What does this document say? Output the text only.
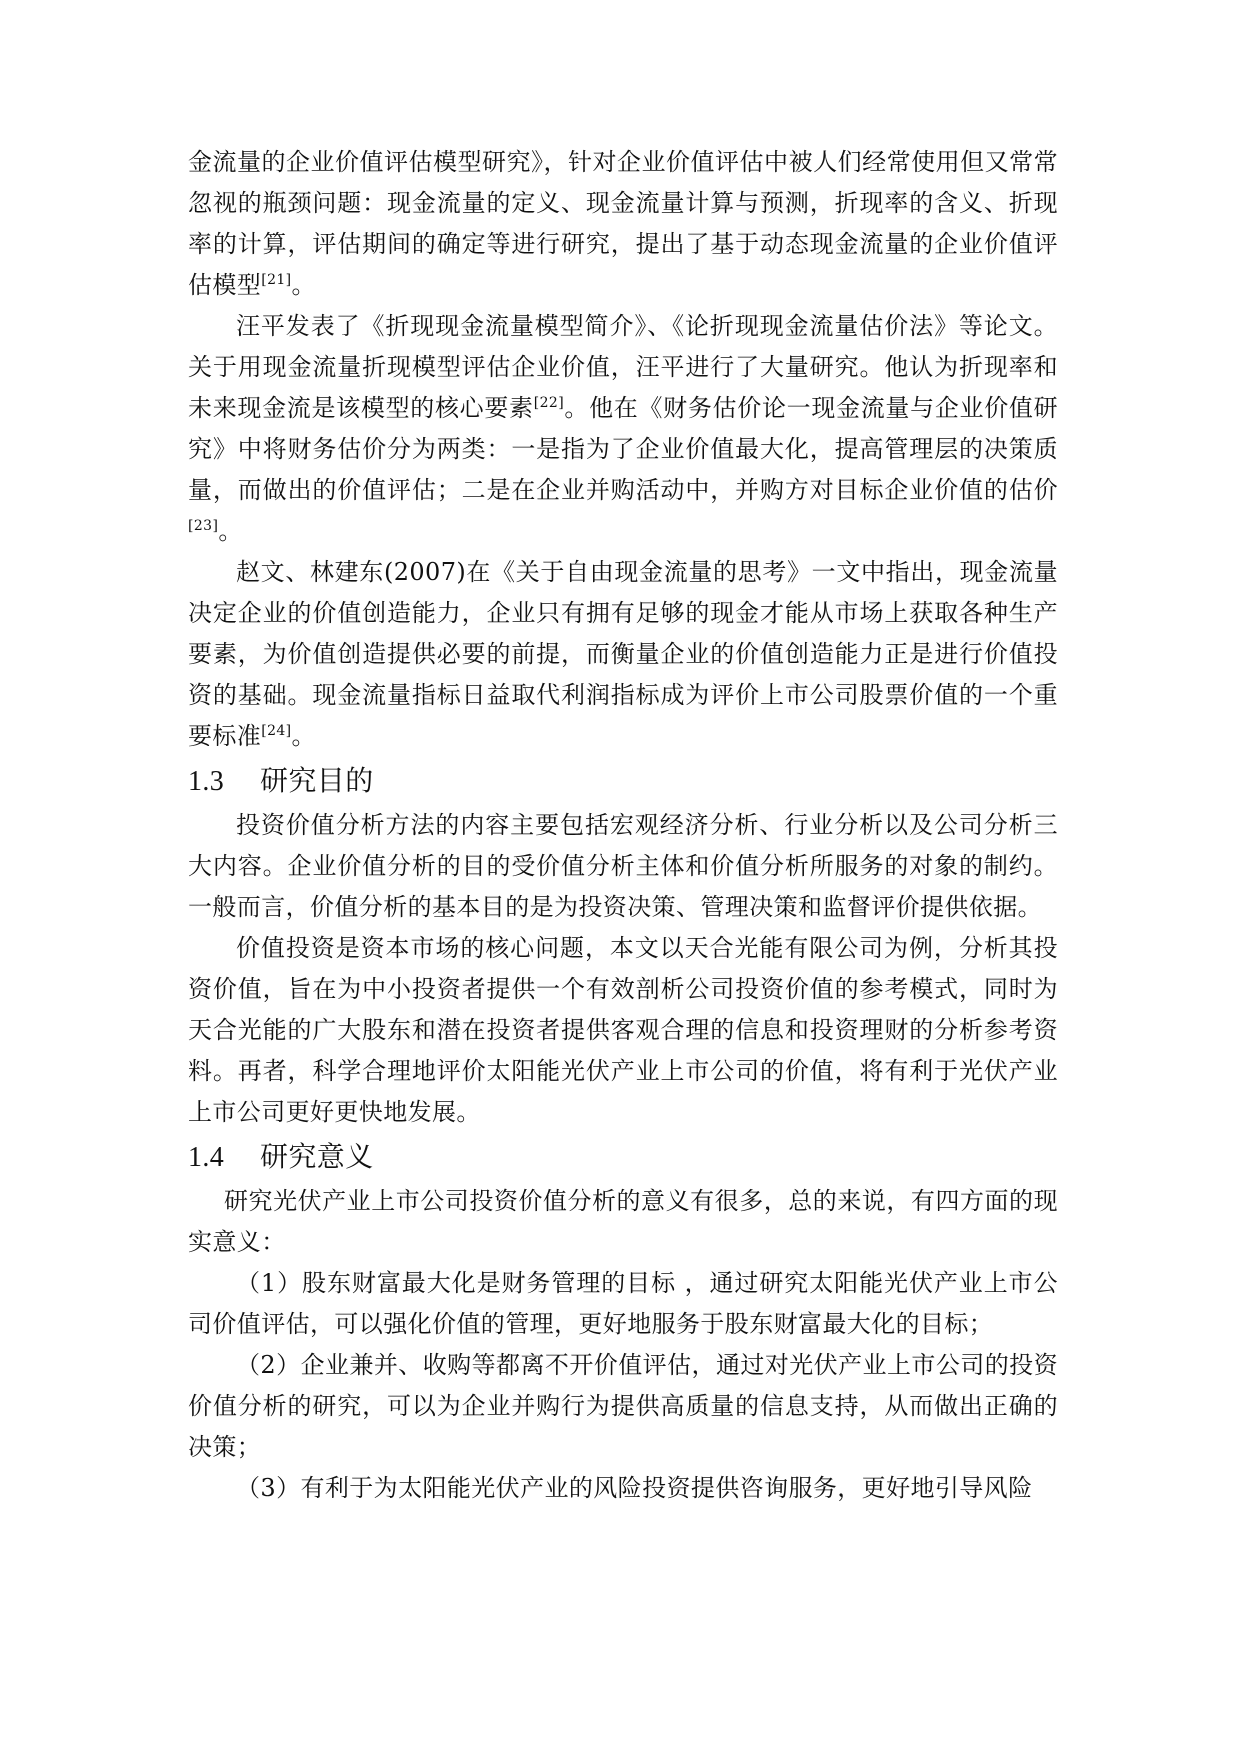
金流量的企业价值评估模型研究》，针对企业价值评估中被人们经常使用但又常常忽视的瓶颈问题：现金流量的定义、现金流量计算与预测，折现率的含义、折现率的计算，评估期间的确定等进行研究，提出了基于动态现金流量的企业价值评估模型[21]。

汪平发表了《折现现金流量模型简介》、《论折现现金流量估价法》等论文。关于用现金流量折现模型评估企业价值，汪平进行了大量研究。他认为折现率和未来现金流是该模型的核心要素[22]。他在《财务估价论一现金流量与企业价值研究》中将财务估价分为两类：一是指为了企业价值最大化，提高管理层的决策质量，而做出的价值评估；二是在企业并购活动中，并购方对目标企业价值的估价[23]。

赵文、林建东(2007)在《关于自由现金流量的思考》一文中指出，现金流量决定企业的价值创造能力，企业只有拥有足够的现金才能从市场上获取各种生产要素，为价值创造提供必要的前提，而衡量企业的价值创造能力正是进行价值投资的基础。现金流量指标日益取代利润指标成为评价上市公司股票价值的一个重要标准[24]。

1.3 研究目的

投资价值分析方法的内容主要包括宏观经济分析、行业分析以及公司分析三大内容。企业价值分析的目的受价值分析主体和价值分析所服务的对象的制约。一般而言，价值分析的基本目的是为投资决策、管理决策和监督评价提供依据。

价值投资是资本市场的核心问题，本文以天合光能有限公司为例，分析其投资价值，旨在为中小投资者提供一个有效剖析公司投资价值的参考模式，同时为天合光能的广大股东和潜在投资者提供客观合理的信息和投资理财的分析参考资料。再者，科学合理地评价太阳能光伏产业上市公司的价值，将有利于光伏产业上市公司更好更快地发展。

1.4 研究意义

研究光伏产业上市公司投资价值分析的意义有很多，总的来说，有四方面的现实意义：

（1）股东财富最大化是财务管理的目标 ，通过研究太阳能光伏产业上市公司价值评估，可以强化价值的管理，更好地服务于股东财富最大化的目标；

（2）企业兼并、收购等都离不开价值评估，通过对光伏产业上市公司的投资价值分析的研究，可以为企业并购行为提供高质量的信息支持，从而做出正确的决策；

（3）有利于为太阳能光伏产业的风险投资提供咨询服务，更好地引导风险
